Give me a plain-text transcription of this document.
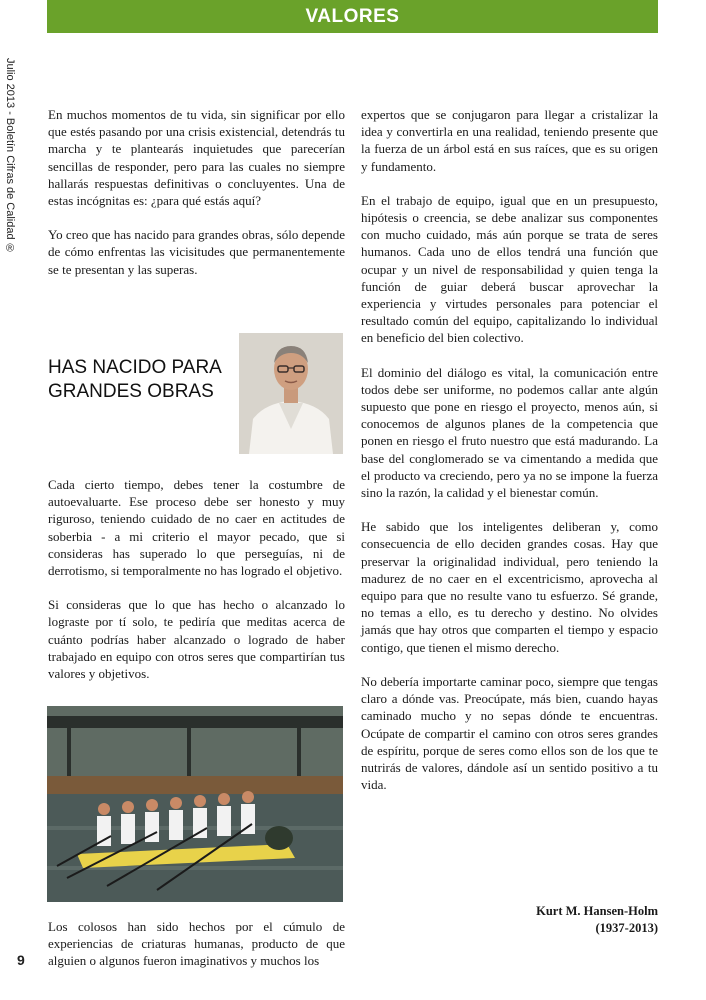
VALORES
Julio 2013 - Boletín Cifras de Calidad ® En muchos momentos de tu vida, sin significar por ello que estés pasando por una crisis existencial, detendrás tu marcha y te plantearás inquietudes que parecerían sencillas de responder, pero para las cuales no siempre hallarás respuestas definitivas o concluyentes. Una de estas incógnitas es: ¿para qué estás aquí?

Yo creo que has nacido para grandes obras, sólo depende de cómo enfrentas las vicisitudes que permanentemente se te presentan y las superas.

HAS NACIDO PARA GRANDES OBRAS

Cada cierto tiempo, debes tener la costumbre de autoevaluarte. Ese proceso debe ser honesto y muy riguroso, teniendo cuidado de no caer en actitudes de soberbia - a mi criterio el mayor pecado, que si consideras has superado lo que perseguías, ni de derrotismo, si temporalmente no has logrado el objetivo.

Si consideras que lo que has hecho o alcanzado lo lograste por tí solo, te pediría que meditas acerca de cuánto podrías haber alcanzado o logrado de haber trabajado en equipo con otros seres que compartirían tus valores y objetivos.

Los colosos han sido hechos por el cúmulo de experiencias de criaturas humanas, producto de que alguien o algunos fueron imaginativos y muchos los

expertos que se conjugaron para llegar a cristalizar la idea y convertirla en una realidad, teniendo presente que la fuerza de un árbol está en sus raíces, que es su origen y fundamento.

En el trabajo de equipo, igual que en un presupuesto, hipótesis o creencia, se debe analizar sus componentes con mucho cuidado, más aún porque se trata de seres humanos. Cada uno de ellos tendrá una función que ocupar y un nivel de responsabilidad y quien tenga la función de guiar deberá buscar aprovechar la experiencia y virtudes personales para potenciar el resultado común del equipo, capitalizando lo individual en beneficio del bien colectivo.

El dominio del diálogo es vital, la comunicación entre todos debe ser uniforme, no podemos callar ante algún supuesto que pone en riesgo el proyecto, menos aún, si conocemos de algunos planes de la competencia que ponen en riesgo el fruto nuestro que está madurando. La base del conglomerado se va cimentando a medida que el producto va creciendo, pero ya no se impone la fuerza sino la razón, la calidad y el bienestar común.

He sabido que los inteligentes deliberan y, como consecuencia de ello deciden grandes cosas. Hay que preservar la originalidad individual, pero teniendo la madurez de no caer en el excentricismo, aprovecha al equipo para que no resulte vano tu esfuerzo. Sé grande, no temas a ello, es tu derecho y destino. No olvides jamás que hay otros que comparten el tiempo y espacio contigo, que tienen el mismo derecho.

No debería importarte caminar poco, siempre que tengas claro a dónde vas. Preocúpate, más bien, cuando hayas caminado mucho y no sepas dónde te encuentras. Ocúpate de compartir el camino con otros seres grandes de espíritu, porque de seres como ellos son de los que te nutrirás de valores, dándole así un sentido positivo a tu vida.

Kurt M. Hansen-Holm
(1937-2013)
9
